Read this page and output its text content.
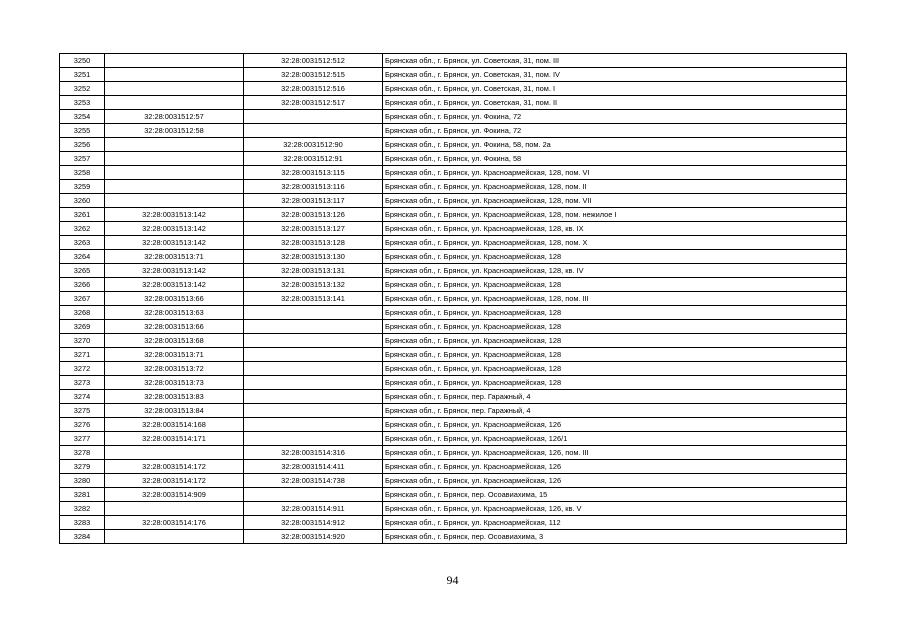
3250		32:28:0031512:512	Брянская обл., г. Брянск, ул. Советская, 31, пом. III
3251		32:28:0031512:515	Брянская обл., г. Брянск, ул. Советская, 31, пом. IV
3252		32:28:0031512:516	Брянская обл., г. Брянск, ул. Советская, 31, пом. I
3253		32:28:0031512:517	Брянская обл., г. Брянск, ул. Советская, 31, пом. II
3254	32:28:0031512:57		Брянская обл., г. Брянск, ул. Фокина, 72
3255	32:28:0031512:58		Брянская обл., г. Брянск, ул. Фокина, 72
3256		32:28:0031512:90	Брянская обл., г. Брянск, ул. Фокина, 58, пом. 2а
3257		32:28:0031512:91	Брянская обл., г. Брянск, ул. Фокина, 58
3258		32:28:0031513:115	Брянская обл., г. Брянск, ул. Красноармейская, 128, пом. VI
3259		32:28:0031513:116	Брянская обл., г. Брянск, ул. Красноармейская, 128, пом. II
3260		32:28:0031513:117	Брянская обл., г. Брянск, ул. Красноармейская, 128, пом. VII
3261	32:28:0031513:142	32:28:0031513:126	Брянская обл., г. Брянск, ул. Красноармейская, 128, пом. нежилое I
3262	32:28:0031513:142	32:28:0031513:127	Брянская обл., г. Брянск, ул. Красноармейская, 128, кв. IX
3263	32:28:0031513:142	32:28:0031513:128	Брянская обл., г. Брянск, ул. Красноармейская, 128, пом. X
3264	32:28:0031513:71	32:28:0031513:130	Брянская обл., г. Брянск, ул. Красноармейская, 128
3265	32:28:0031513:142	32:28:0031513:131	Брянская обл., г. Брянск, ул. Красноармейская, 128, кв. IV
3266	32:28:0031513:142	32:28:0031513:132	Брянская обл., г. Брянск, ул. Красноармейская, 128
3267	32:28:0031513:66	32:28:0031513:141	Брянская обл., г. Брянск, ул. Красноармейская, 128, пом. III
3268	32:28:0031513:63		Брянская обл., г. Брянск, ул. Красноармейская, 128
3269	32:28:0031513:66		Брянская обл., г. Брянск, ул. Красноармейская, 128
3270	32:28:0031513:68		Брянская обл., г. Брянск, ул. Красноармейская, 128
3271	32:28:0031513:71		Брянская обл., г. Брянск, ул. Красноармейская, 128
3272	32:28:0031513:72		Брянская обл., г. Брянск, ул. Красноармейская, 128
3273	32:28:0031513:73		Брянская обл., г. Брянск, ул. Красноармейская, 128
3274	32:28:0031513:83		Брянская обл., г. Брянск, пер. Гаражный, 4
3275	32:28:0031513:84		Брянская обл., г. Брянск, пер. Гаражный, 4
3276	32:28:0031514:168		Брянская обл., г. Брянск, ул. Красноармейская, 126
3277	32:28:0031514:171		Брянская обл., г. Брянск, ул. Красноармейская, 126/1
3278		32:28:0031514:316	Брянская обл., г. Брянск, ул. Красноармейская, 126, пом. III
3279	32:28:0031514:172	32:28:0031514:411	Брянская обл., г. Брянск, ул. Красноармейская, 126
3280	32:28:0031514:172	32:28:0031514:738	Брянская обл., г. Брянск, ул. Красноармейская, 126
3281	32:28:0031514:909		Брянская обл., г. Брянск, пер. Осоавиахима, 15
3282		32:28:0031514:911	Брянская обл., г. Брянск, ул. Красноармейская, 126, кв. V
3283	32:28:0031514:176	32:28:0031514:912	Брянская обл., г. Брянск, ул. Красноармейская, 112
3284		32:28:0031514:920	Брянская обл., г. Брянск, пер. Осоавиахима, 3
94
